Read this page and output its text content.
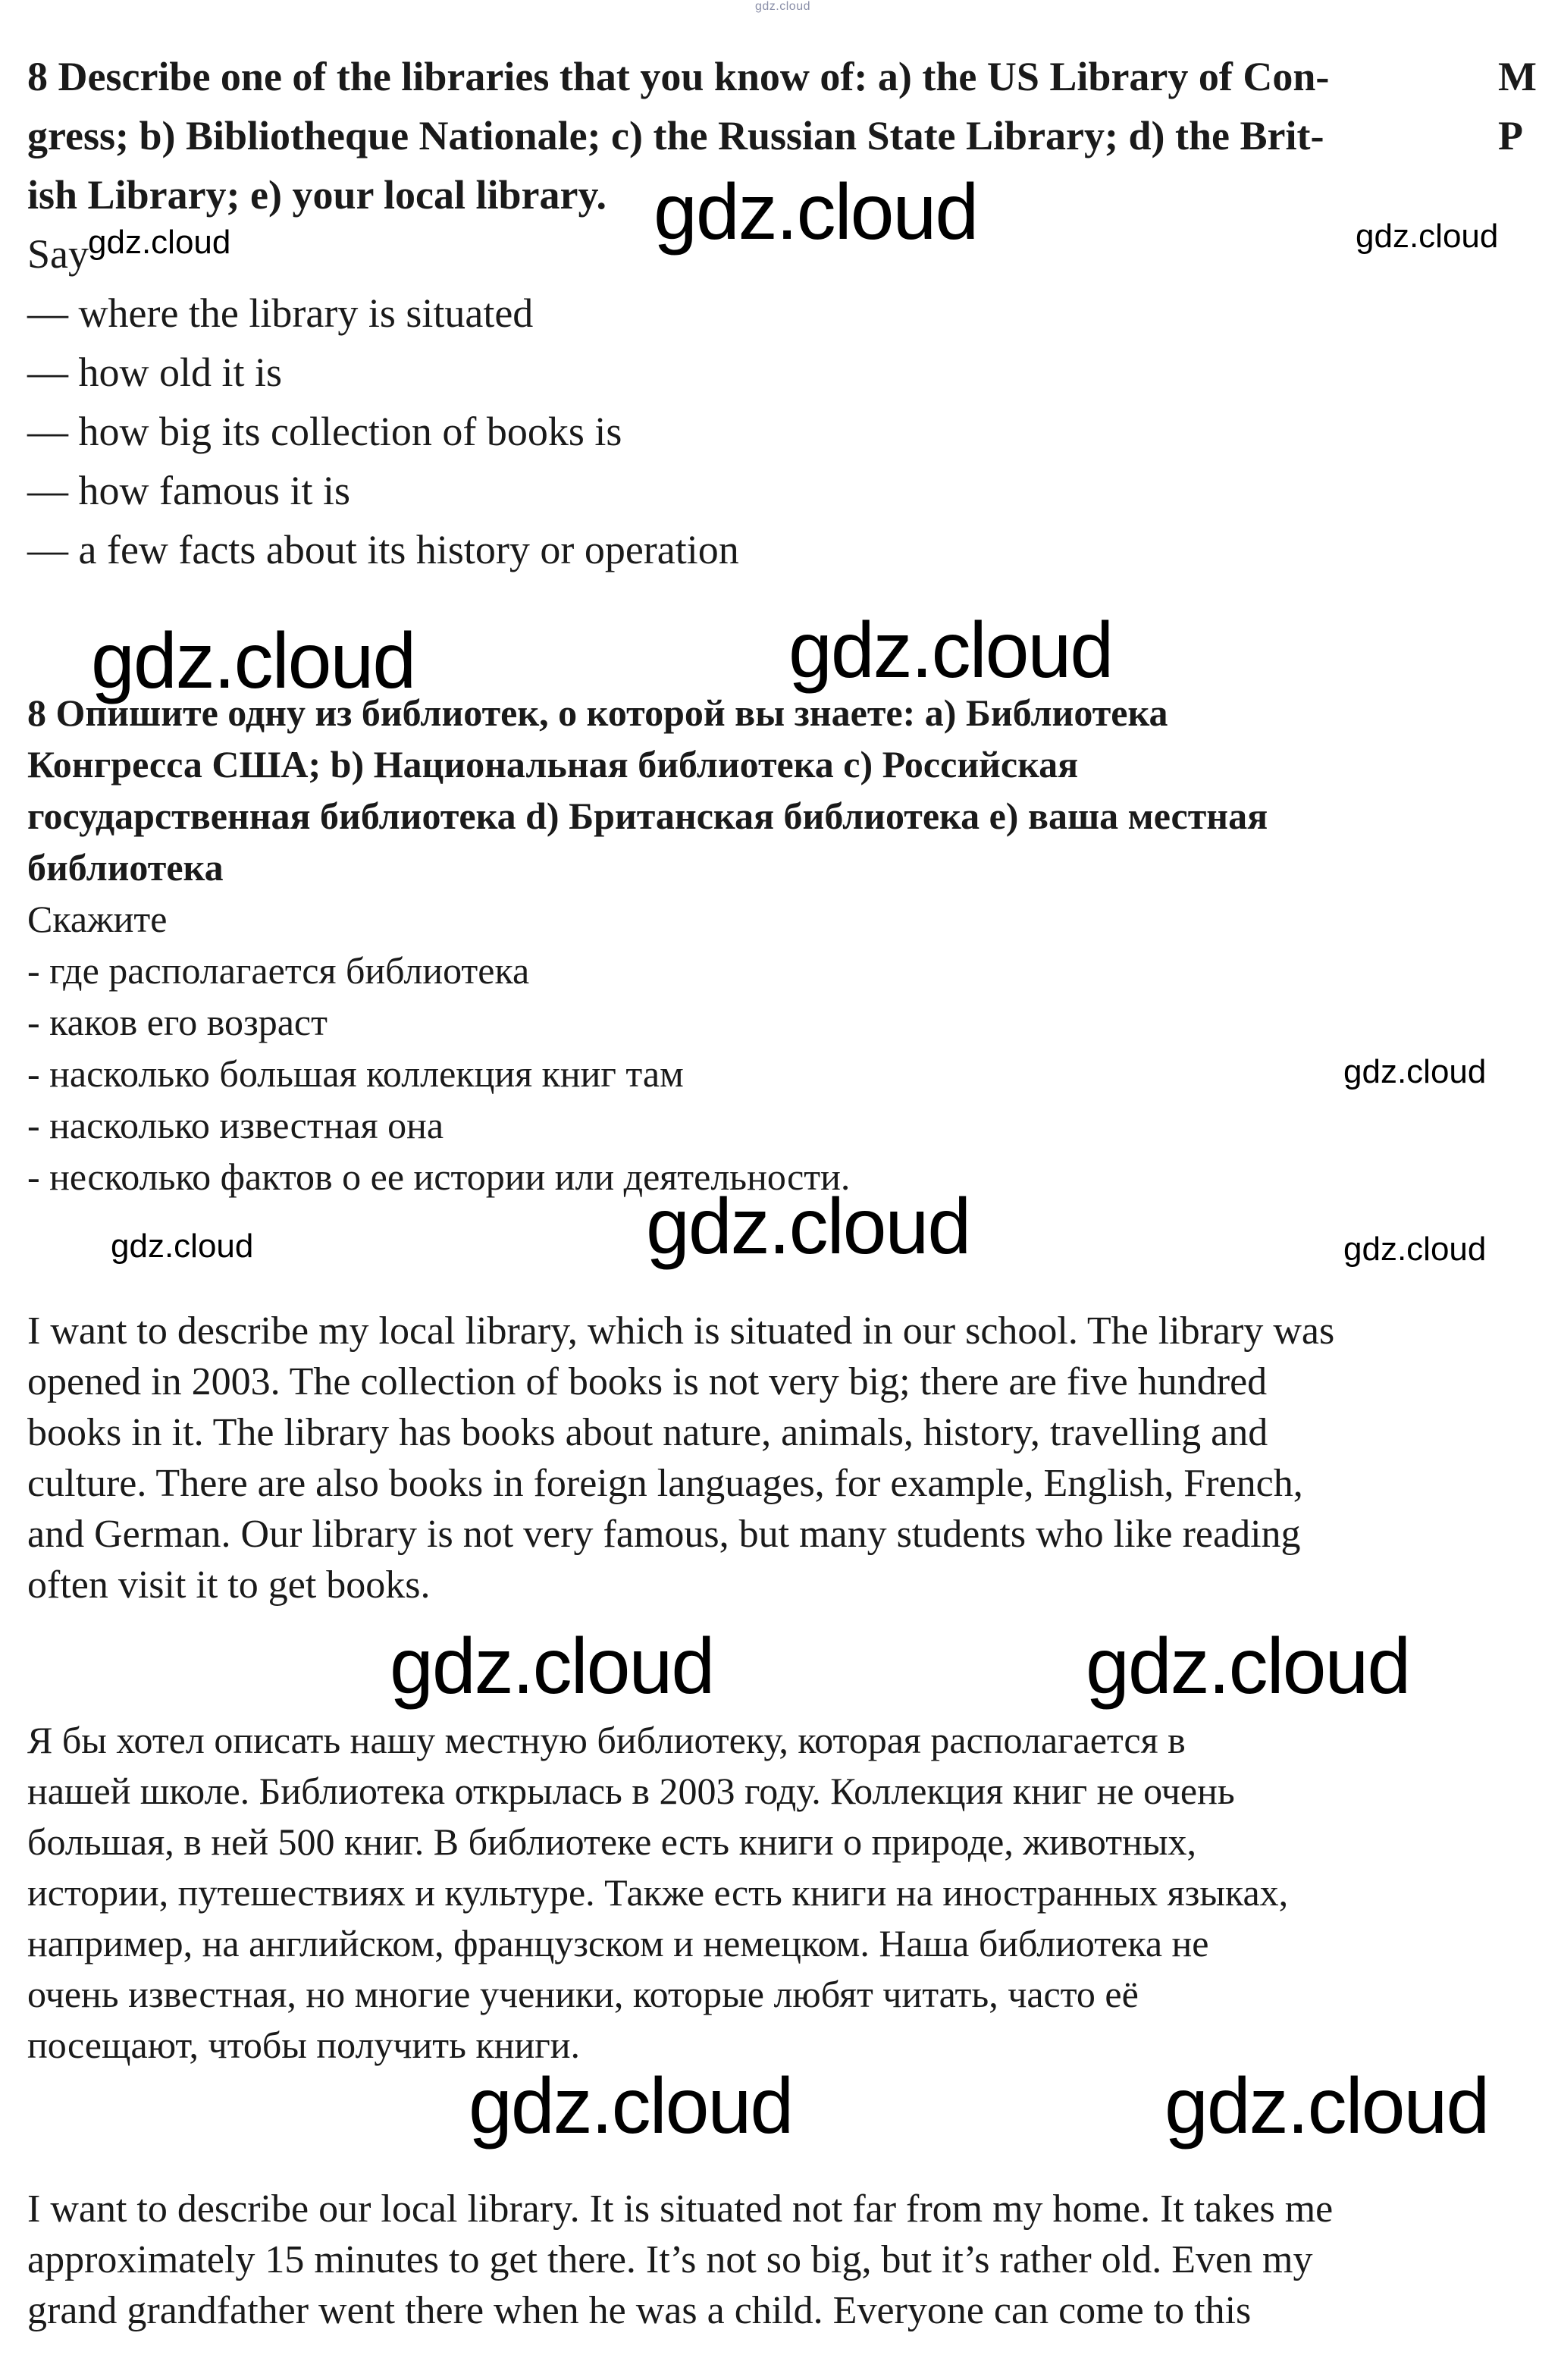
gdz.cloud
8 Describe one of the libraries that you know of: a) the US Library of Con-
gress; b) Bibliotheque Nationale; c) the Russian State Library; d) the Brit-
ish Library; e) your local library.
Say
— where the library is situated
— how old it is
— how big its collection of books is
— how famous it is
— a few facts about its history or operation
M
P
8 Опишите одну из библиотек, о которой вы знаете: a) Библиотека
Конгресса США; b) Национальная библиотека c) Российская
государственная библиотека d) Британская библиотека e) ваша местная
библиотека
Скажите
- где располагается библиотека
- каков его возраст
- насколько большая коллекция книг там
- насколько известная она
- несколько фактов о ее истории или деятельности.
I want to describe my local library, which is situated in our school. The library was
opened in 2003. The collection of books is not very big; there are five hundred
books in it. The library has books about nature, animals, history, travelling and
culture. There are also books in foreign languages, for example, English, French,
and German. Our library is not very famous, but many students who like reading
often visit it to get books.
Я бы хотел описать нашу местную библиотеку, которая располагается в
нашей школе. Библиотека открылась в 2003 году. Коллекция книг не очень
большая, в ней 500 книг. В библиотеке есть книги о природе, животных,
истории, путешествиях и культуре. Также есть книги на иностранных языках,
например, на английском, французском и немецком. Наша библиотека не
очень известная, но многие ученики, которые любят читать, часто её
посещают, чтобы получить книги.
I want to describe our local library. It is situated not far from my home. It takes me
approximately 15 minutes to get there. It’s not so big, but it’s rather old. Even my
grand grandfather went there when he was a child. Everyone can come to this
gdz.cloud
gdz.cloud	gdz.cloud
gdz.cloud	gdz.cloud
gdz.cloud
gdz.cloud	gdz.cloud	gdz.cloud
gdz.cloud	gdz.cloud
gdz.cloud	gdz.cloud
